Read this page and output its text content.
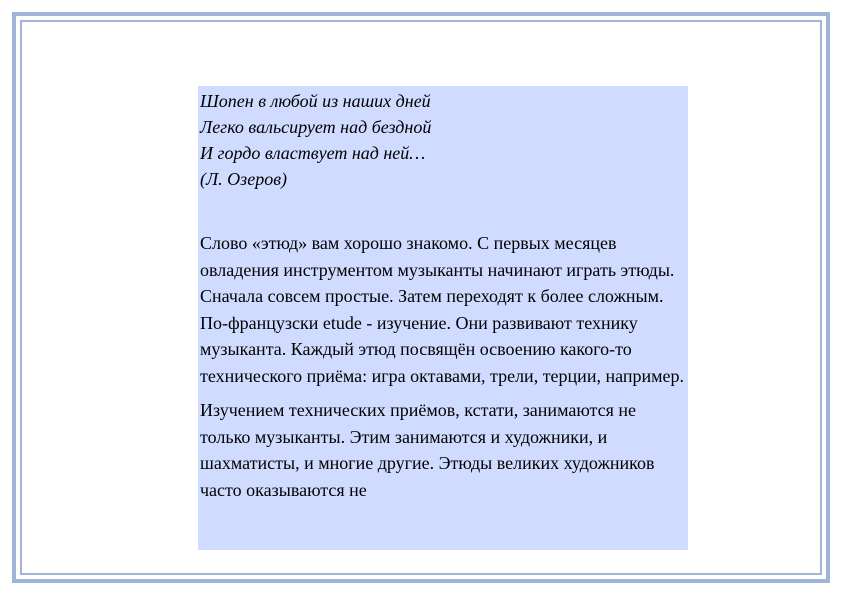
Шопен в любой из наших дней
Легко вальсирует над бездной
И гордо властвует над ней…
(Л. Озеров)

Слово «этюд» вам хорошо знакомо. С первых месяцев овладения инструментом музыканты начинают играть этюды. Сначала совсем простые. Затем переходят к более сложным. По-французски etude - изучение. Они развивают технику музыканта. Каждый этюд посвящён освоению какого-то технического приёма: игра октавами, трели, терции, например.

Изучением технических приёмов, кстати, занимаются не только музыканты. Этим занимаются и художники, и шахматисты, и многие другие. Этюды великих художников часто оказываются не
